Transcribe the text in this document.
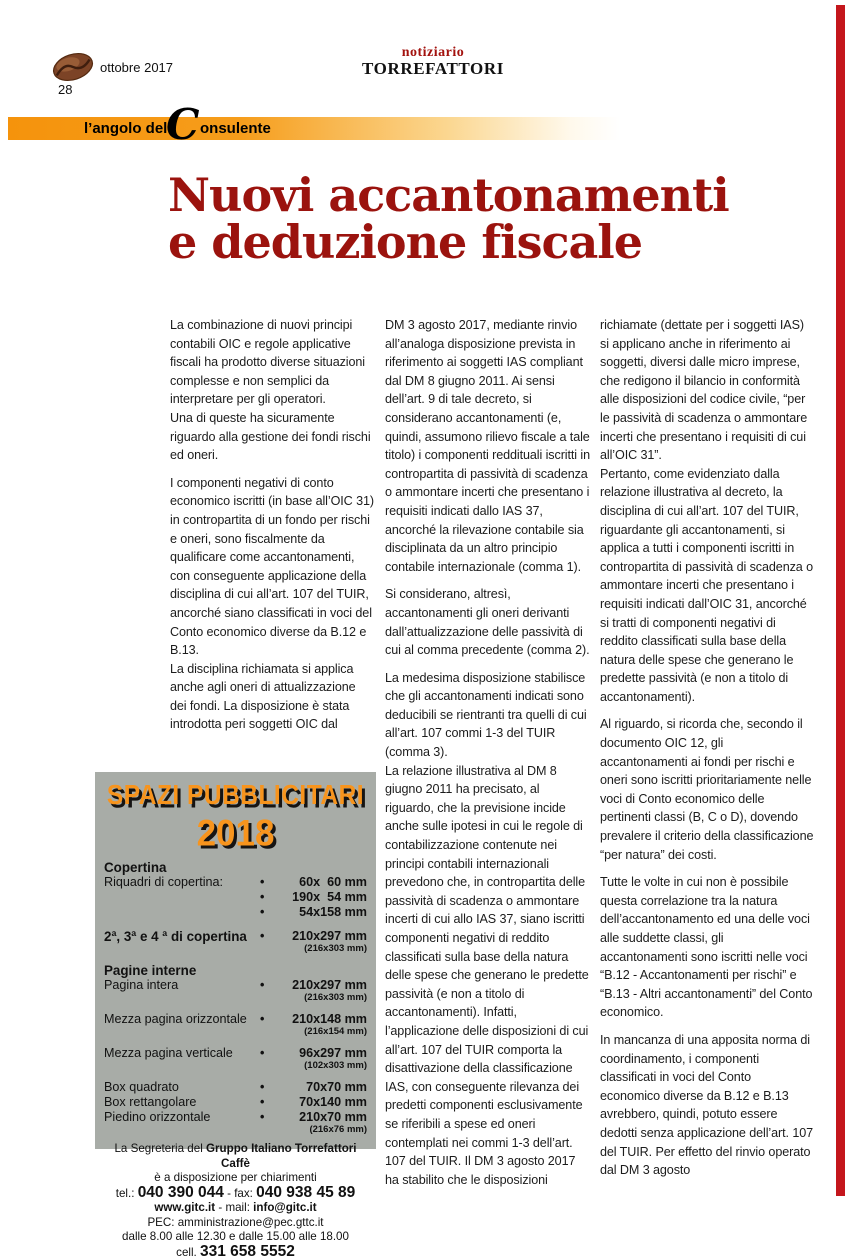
ottobre 2017
28
notiziario
TORREFATTORI
l’angolo del
C onsulente
Nuovi accantonamenti
e deduzione fiscale

La combinazione di nuovi principi contabili OIC e regole applicative fiscali ha prodotto diverse situazioni complesse e non semplici da interpretare per gli operatori.

Una di queste ha sicuramente riguardo alla gestione dei fondi rischi ed oneri.

I componenti negativi di conto economico iscritti (in base all’OIC 31) in contropartita di un fondo per rischi e oneri, sono fiscalmente da qualificare come accantonamenti, con conseguente applicazione della disciplina di cui all’art. 107 del TUIR, ancorché siano classificati in voci del Conto economico diverse da B.12 e B.13.

La disciplina richiamata si applica anche agli oneri di attualizzazione dei fondi. La disposizione è stata introdotta peri soggetti OIC dal

DM 3 agosto 2017, mediante rinvio all’analoga disposizione prevista in riferimento ai soggetti IAS compliant dal DM 8 giugno 2011. Ai sensi dell’art. 9 di tale decreto, si considerano accantonamenti (e, quindi, assumono rilievo fiscale a tale titolo) i componenti reddituali iscritti in contropartita di passività di scadenza o ammontare incerti che presentano i requisiti indicati dallo IAS 37, ancorché la rilevazione contabile sia disciplinata da un altro principio contabile internazionale (comma 1).

Si considerano, altresì, accantonamenti gli oneri derivanti dall’attualizzazione delle passività di cui al comma precedente (comma 2).

La medesima disposizione stabilisce che gli accantonamenti indicati sono deducibili se rientranti tra quelli di cui all’art. 107 commi 1-3 del TUIR (comma 3).

La relazione illustrativa al DM 8 giugno 2011 ha precisato, al riguardo, che la previsione incide anche sulle ipotesi in cui le regole di contabilizzazione contenute nei principi contabili internazionali prevedono che, in contropartita delle passività di scadenza o ammontare incerti di cui allo IAS 37, siano iscritti componenti negativi di reddito classificati sulla base della natura delle spese che generano le predette passività (e non a titolo di accantonamenti). Infatti, l’applicazione delle disposizioni di cui all’art. 107 del TUIR comporta la disattivazione della classificazione IAS, con conseguente rilevanza dei predetti componenti esclusivamente se riferibili a spese ed oneri contemplati nei commi 1-3 dell’art. 107 del TUIR. Il DM 3 agosto 2017 ha stabilito che le disposizioni

richiamate (dettate per i soggetti IAS) si applicano anche in riferimento ai soggetti, diversi dalle micro imprese, che redigono il bilancio in conformità alle disposizioni del codice civile, “per le passività di scadenza o ammontare incerti che presentano i requisiti di cui all’OIC 31”.

Pertanto, come evidenziato dalla relazione illustrativa al decreto, la disciplina di cui all’art. 107 del TUIR, riguardante gli accantonamenti, si applica a tutti i componenti iscritti in contropartita di passività di scadenza o ammontare incerti che presentano i requisiti indicati dall’OIC 31, ancorché si tratti di componenti negativi di reddito classificati sulla base della natura delle spese che generano le predette passività (e non a titolo di accantonamenti).

Al riguardo, si ricorda che, secondo il documento OIC 12, gli accantonamenti ai fondi per rischi e oneri sono iscritti prioritariamente nelle voci di Conto economico delle pertinenti classi (B, C o D), dovendo prevalere il criterio della classificazione “per natura” dei costi.

Tutte le volte in cui non è possibile questa correlazione tra la natura dell’accantonamento ed una delle voci alle suddette classi, gli accantonamenti sono iscritti nelle voci “B.12 - Accantonamenti per rischi” e “B.13 - Altri accantonamenti” del Conto economico.

In mancanza di una apposita norma di coordinamento, i componenti classificati in voci del Conto economico diverse da B.12 e B.13 avrebbero, quindi, potuto essere dedotti senza applicazione dell’art. 107 del TUIR. Per effetto del rinvio operato dal DM 3 agosto

SPAZI PUBBLICITARI
2018
Copertina
Riquadri di copertina:	•	60x  60 mm
•	190x  54 mm
•	54x158 mm
2ª, 3ª e 4 ª di copertina	•	210x297 mm
(216x303 mm)
Pagine interne
Pagina intera	•	210x297 mm
(216x303 mm)
Mezza pagina orizzontale	•	210x148 mm
(216x154 mm)
Mezza pagina verticale	•	96x297 mm
(102x303 mm)
Box quadrato	•	70x70 mm
Box rettangolare	•	70x140 mm
Piedino orizzontale	•	210x70 mm
(216x76 mm)
La Segreteria del Gruppo Italiano Torrefattori Caffè
è a disposizione per chiarimenti
tel.: 040 390 044 - fax: 040 938 45 89
www.gitc.it - mail: info@gitc.it
PEC: amministrazione@pec.gttc.it
dalle 8.00 alle 12.30 e dalle 15.00 alle 18.00
cell. 331 658 5552
